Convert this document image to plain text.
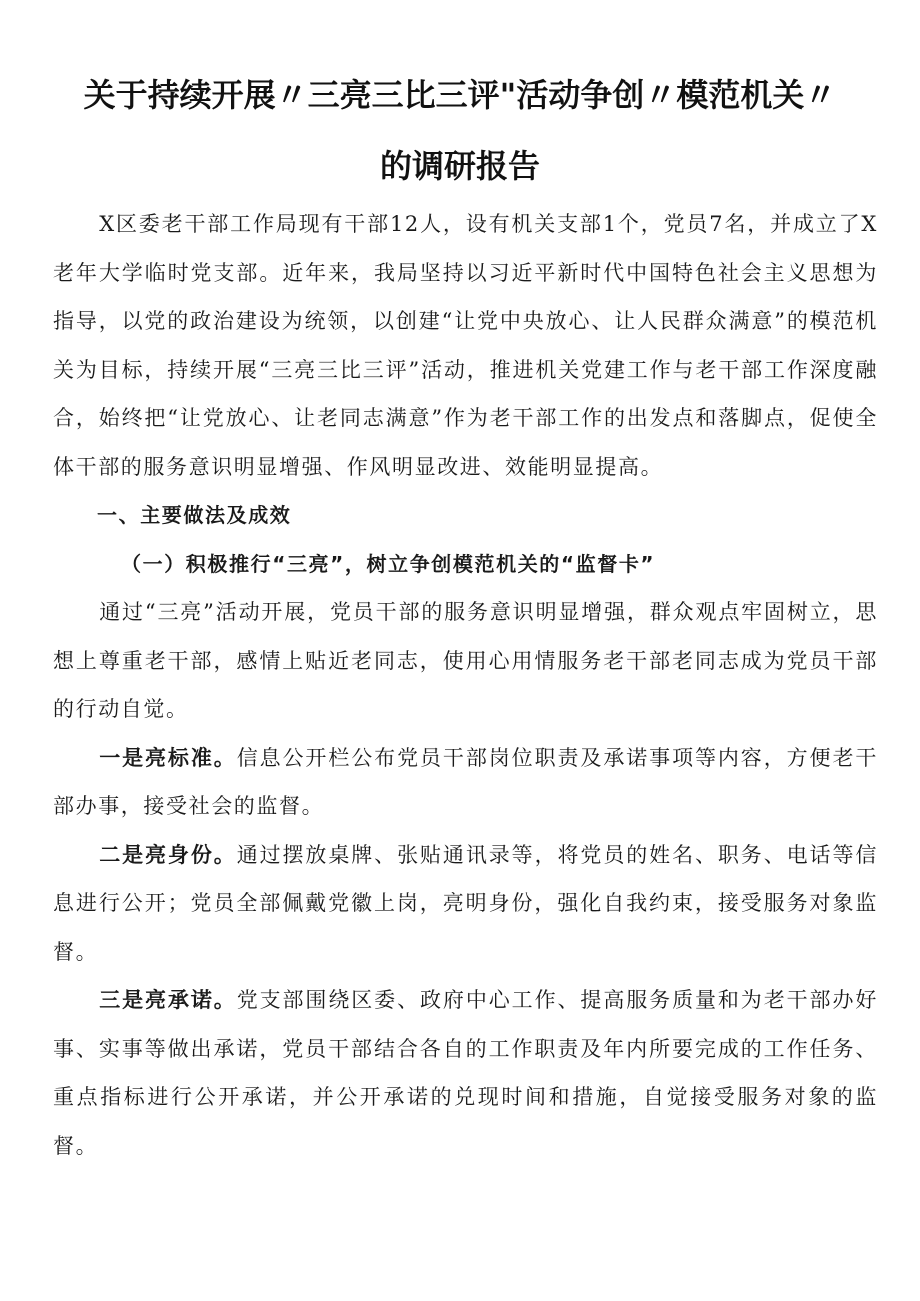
关于持续开展〃三亮三比三评"活动争创〃模范机关〃
的调研报告

X区委老干部工作局现有干部12人，设有机关支部1个，党员7名，并成立了X老年大学临时党支部。近年来，我局坚持以习近平新时代中国特色社会主义思想为指导，以党的政治建设为统领，以创建“让党中央放心、让人民群众满意”的模范机关为目标，持续开展“三亮三比三评”活动，推进机关党建工作与老干部工作深度融合，始终把“让党放心、让老同志满意”作为老干部工作的出发点和落脚点，促使全体干部的服务意识明显增强、作风明显改进、效能明显提高。

一、主要做法及成效

（一）积极推行“三亮”，树立争创模范机关的“监督卡”

通过“三亮”活动开展，党员干部的服务意识明显增强，群众观点牢固树立，思想上尊重老干部，感情上贴近老同志，使用心用情服务老干部老同志成为党员干部的行动自觉。

一是亮标准。信息公开栏公布党员干部岗位职责及承诺事项等内容，方便老干部办事，接受社会的监督。

二是亮身份。通过摆放桌牌、张贴通讯录等，将党员的姓名、职务、电话等信息进行公开；党员全部佩戴党徽上岗，亮明身份，强化自我约束，接受服务对象监督。

三是亮承诺。党支部围绕区委、政府中心工作、提高服务质量和为老干部办好事、实事等做出承诺，党员干部结合各自的工作职责及年内所要完成的工作任务、重点指标进行公开承诺，并公开承诺的兑现时间和措施，自觉接受服务对象的监督。
